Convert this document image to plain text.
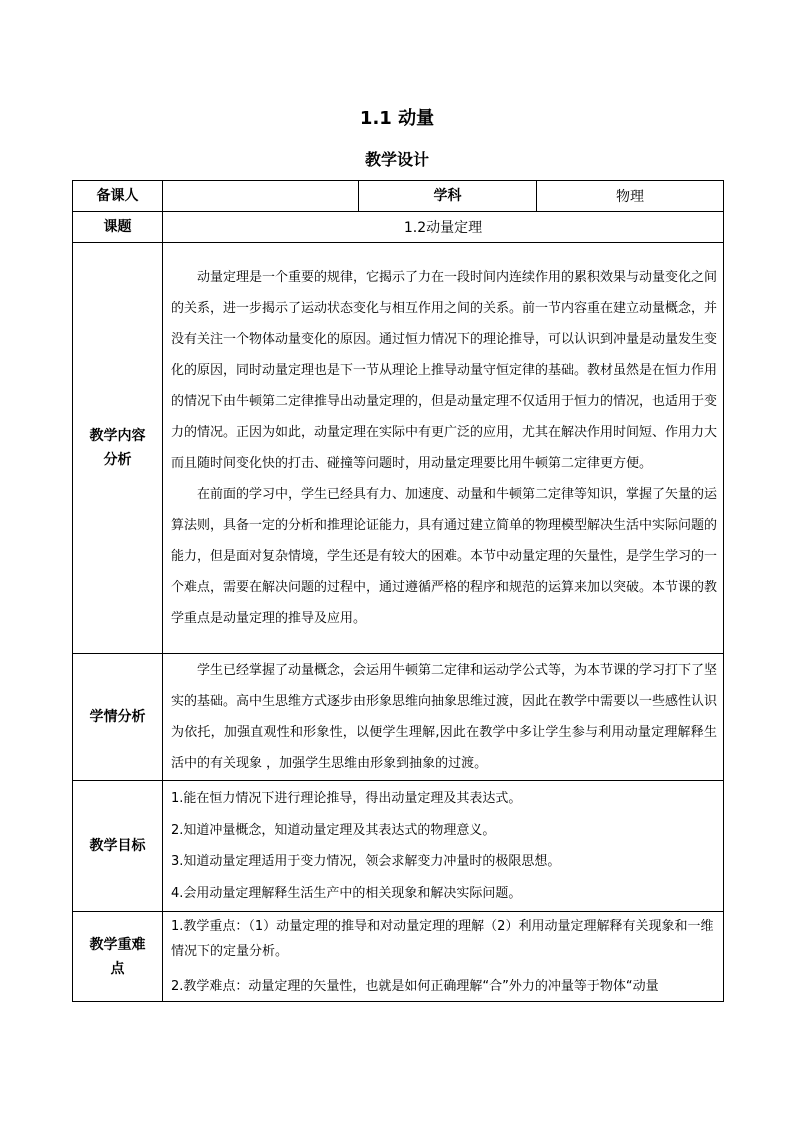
1.1 动量
教学设计
备课人		学科	物理
课题	1.2动量定理		
教学内容分析	动量定理是一个重要的规律，它揭示了力在一段时间内连续作用的累积效果与动量变化之间的关系，进一步揭示了运动状态变化与相互作用之间的关系。前一节内容重在建立动量概念，并没有关注一个物体动量变化的原因。通过恒力情况下的理论推导，可以认识到冲量是动量发生变化的原因，同时动量定理也是下一节从理论上推导动量守恒定律的基础。教材虽然是在恒力作用的情况下由牛顿第二定律推导出动量定理的，但是动量定理不仅适用于恒力的情况，也适用于变力的情况。正因为如此，动量定理在实际中有更广泛的应用，尤其在解决作用时间短、作用力大而且随时间变化快的打击、碰撞等问题时，用动量定理要比用牛顿第二定律更方便。

在前面的学习中，学生已经具有力、加速度、动量和牛顿第二定律等知识，掌握了矢量的运算法则，具备一定的分析和推理论证能力，具有通过建立简单的物理模型解决生活中实际问题的能力，但是面对复杂情境，学生还是有较大的困难。本节中动量定理的矢量性，是学生学习的一个难点，需要在解决问题的过程中，通过遵循严格的程序和规范的运算来加以突破。本节课的教学重点是动量定理的推导及应用。		

学情分析	学生已经掌握了动量概念，会运用牛顿第二定律和运动学公式等，为本节课的学习打下了坚实的基础。高中生思维方式逐步由形象思维向抽象思维过渡，因此在教学中需要以一些感性认识为依托，加强直观性和形象性，以便学生理解,因此在教学中多让学生参与利用动量定理解释生活中的有关现象 ，加强学生思维由形象到抽象的过渡。		

教学目标	1.能在恒力情况下进行理论推导，得出动量定理及其表达式。

2.知道冲量概念，知道动量定理及其表达式的物理意义。

3.知道动量定理适用于变力情况，领会求解变力冲量时的极限思想。

4.会用动量定理解释生活生产中的相关现象和解决实际问题。		

教学重难点	1.教学重点：（1）动量定理的推导和对动量定理的理解（2）利用动量定理解释有关现象和一维情况下的定量分析。

2.教学难点：动量定理的矢量性，也就是如何正确理解“合”外力的冲量等于物体“动量		
